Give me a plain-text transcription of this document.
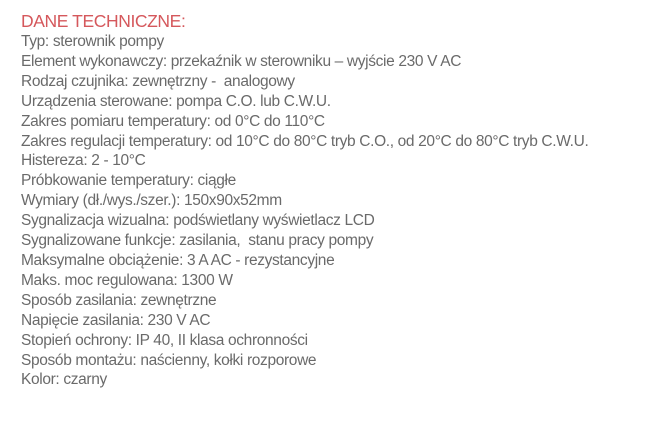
DANE TECHNICZNE:
Typ: sterownik pompy
Element wykonawczy: przekaźnik w sterowniku – wyjście 230 V AC
Rodzaj czujnika: zewnętrzny -  analogowy
Urządzenia sterowane: pompa C.O. lub C.W.U.
Zakres pomiaru temperatury: od 0°C do 110°C
Zakres regulacji temperatury: od 10°C do 80°C tryb C.O., od 20°C do 80°C tryb C.W.U.
Histereza: 2 - 10°C
Próbkowanie temperatury: ciągłe
Wymiary (dł./wys./szer.): 150x90x52mm
Sygnalizacja wizualna: podświetlany wyświetlacz LCD
Sygnalizowane funkcje: zasilania,  stanu pracy pompy
Maksymalne obciążenie: 3 A AC - rezystancyjne
Maks. moc regulowana: 1300 W
Sposób zasilania: zewnętrzne
Napięcie zasilania: 230 V AC
Stopień ochrony: IP 40, II klasa ochronności
Sposób montażu: naścienny, kołki rozporowe
Kolor: czarny
